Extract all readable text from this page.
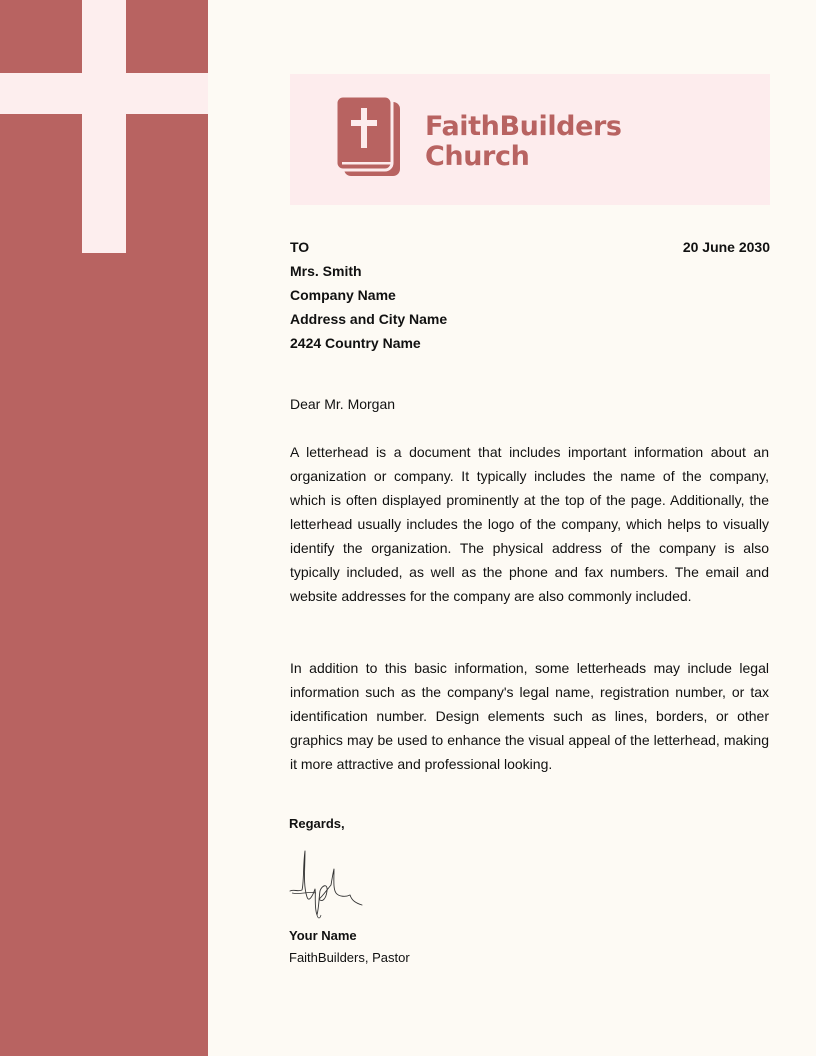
FaithBuilders
Church
TO
Mrs. Smith
Company Name
Address and City Name
2424 Country Name
20 June 2030
Dear Mr. Morgan

A letterhead is a document that includes important information about an organization or company. It typically includes the name of the company, which is often displayed prominently at the top of the page. Additionally, the letterhead usually includes the logo of the company, which helps to visually identify the organization. The physical address of the company is also typically included, as well as the phone and fax numbers. The email and website addresses for the company are also commonly included.

In addition to this basic information, some letterheads may include legal information such as the company's legal name, registration number, or tax identification number. Design elements such as lines, borders, or other graphics may be used to enhance the visual appeal of the letterhead, making it more attractive and professional looking.

Regards,
Your Name
FaithBuilders, Pastor
